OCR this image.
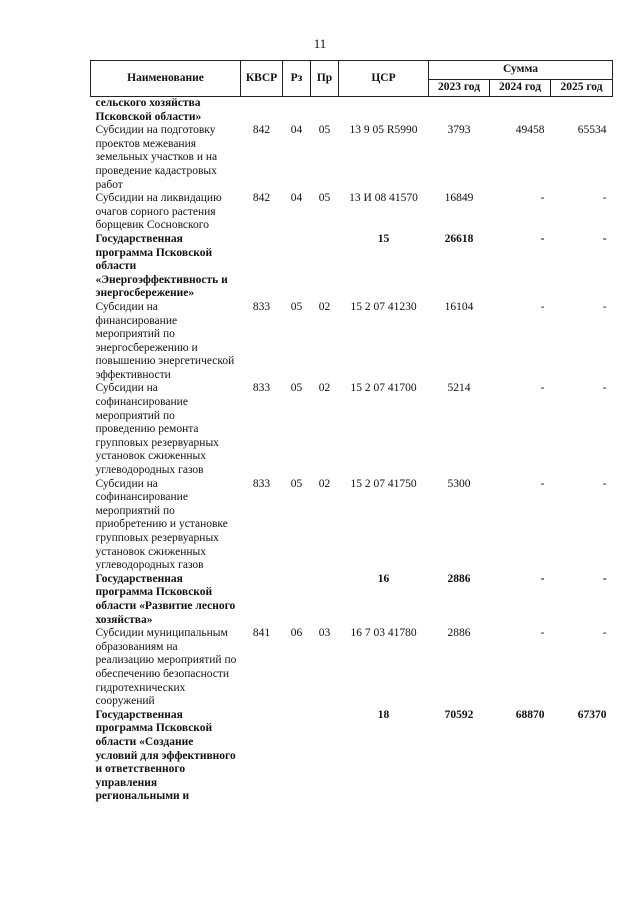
11
Наименование	КВСР	Рз	Пр	ЦСР	Сумма		
					2023 год	2024 год	2025 год
сельского хозяйства Псковской области»							
Субсидии на подготовку проектов межевания земельных участков и на проведение кадастровых работ	842	04	05	13 9 05 R5990	3793	49458	65534
Субсидии на ликвидацию очагов сорного растения борщевик Сосновского	842	04	05	13 И 08 41570	16849	-	-
Государственная программа Псковской области «Энергоэффективность и энергосбережение»				15	26618	-	-
Субсидии на финансирование мероприятий по энергосбережению и повышению энергетической эффективности	833	05	02	15 2 07 41230	16104	-	-
Субсидии на софинансирование мероприятий по проведению ремонта групповых резервуарных установок сжиженных углеводородных газов	833	05	02	15 2 07 41700	5214	-	-
Субсидии на софинансирование мероприятий по приобретению и установке групповых резервуарных установок сжиженных углеводородных газов	833	05	02	15 2 07 41750	5300	-	-
Государственная программа Псковской области «Развитие лесного хозяйства»				16	2886	-	-
Субсидии муниципальным образованиям на реализацию мероприятий по обеспечению безопасности гидротехнических сооружений	841	06	03	16 7 03 41780	2886	-	-
Государственная программа Псковской области «Создание условий для эффективного и ответственного управления региональными и				18	70592	68870	67370
